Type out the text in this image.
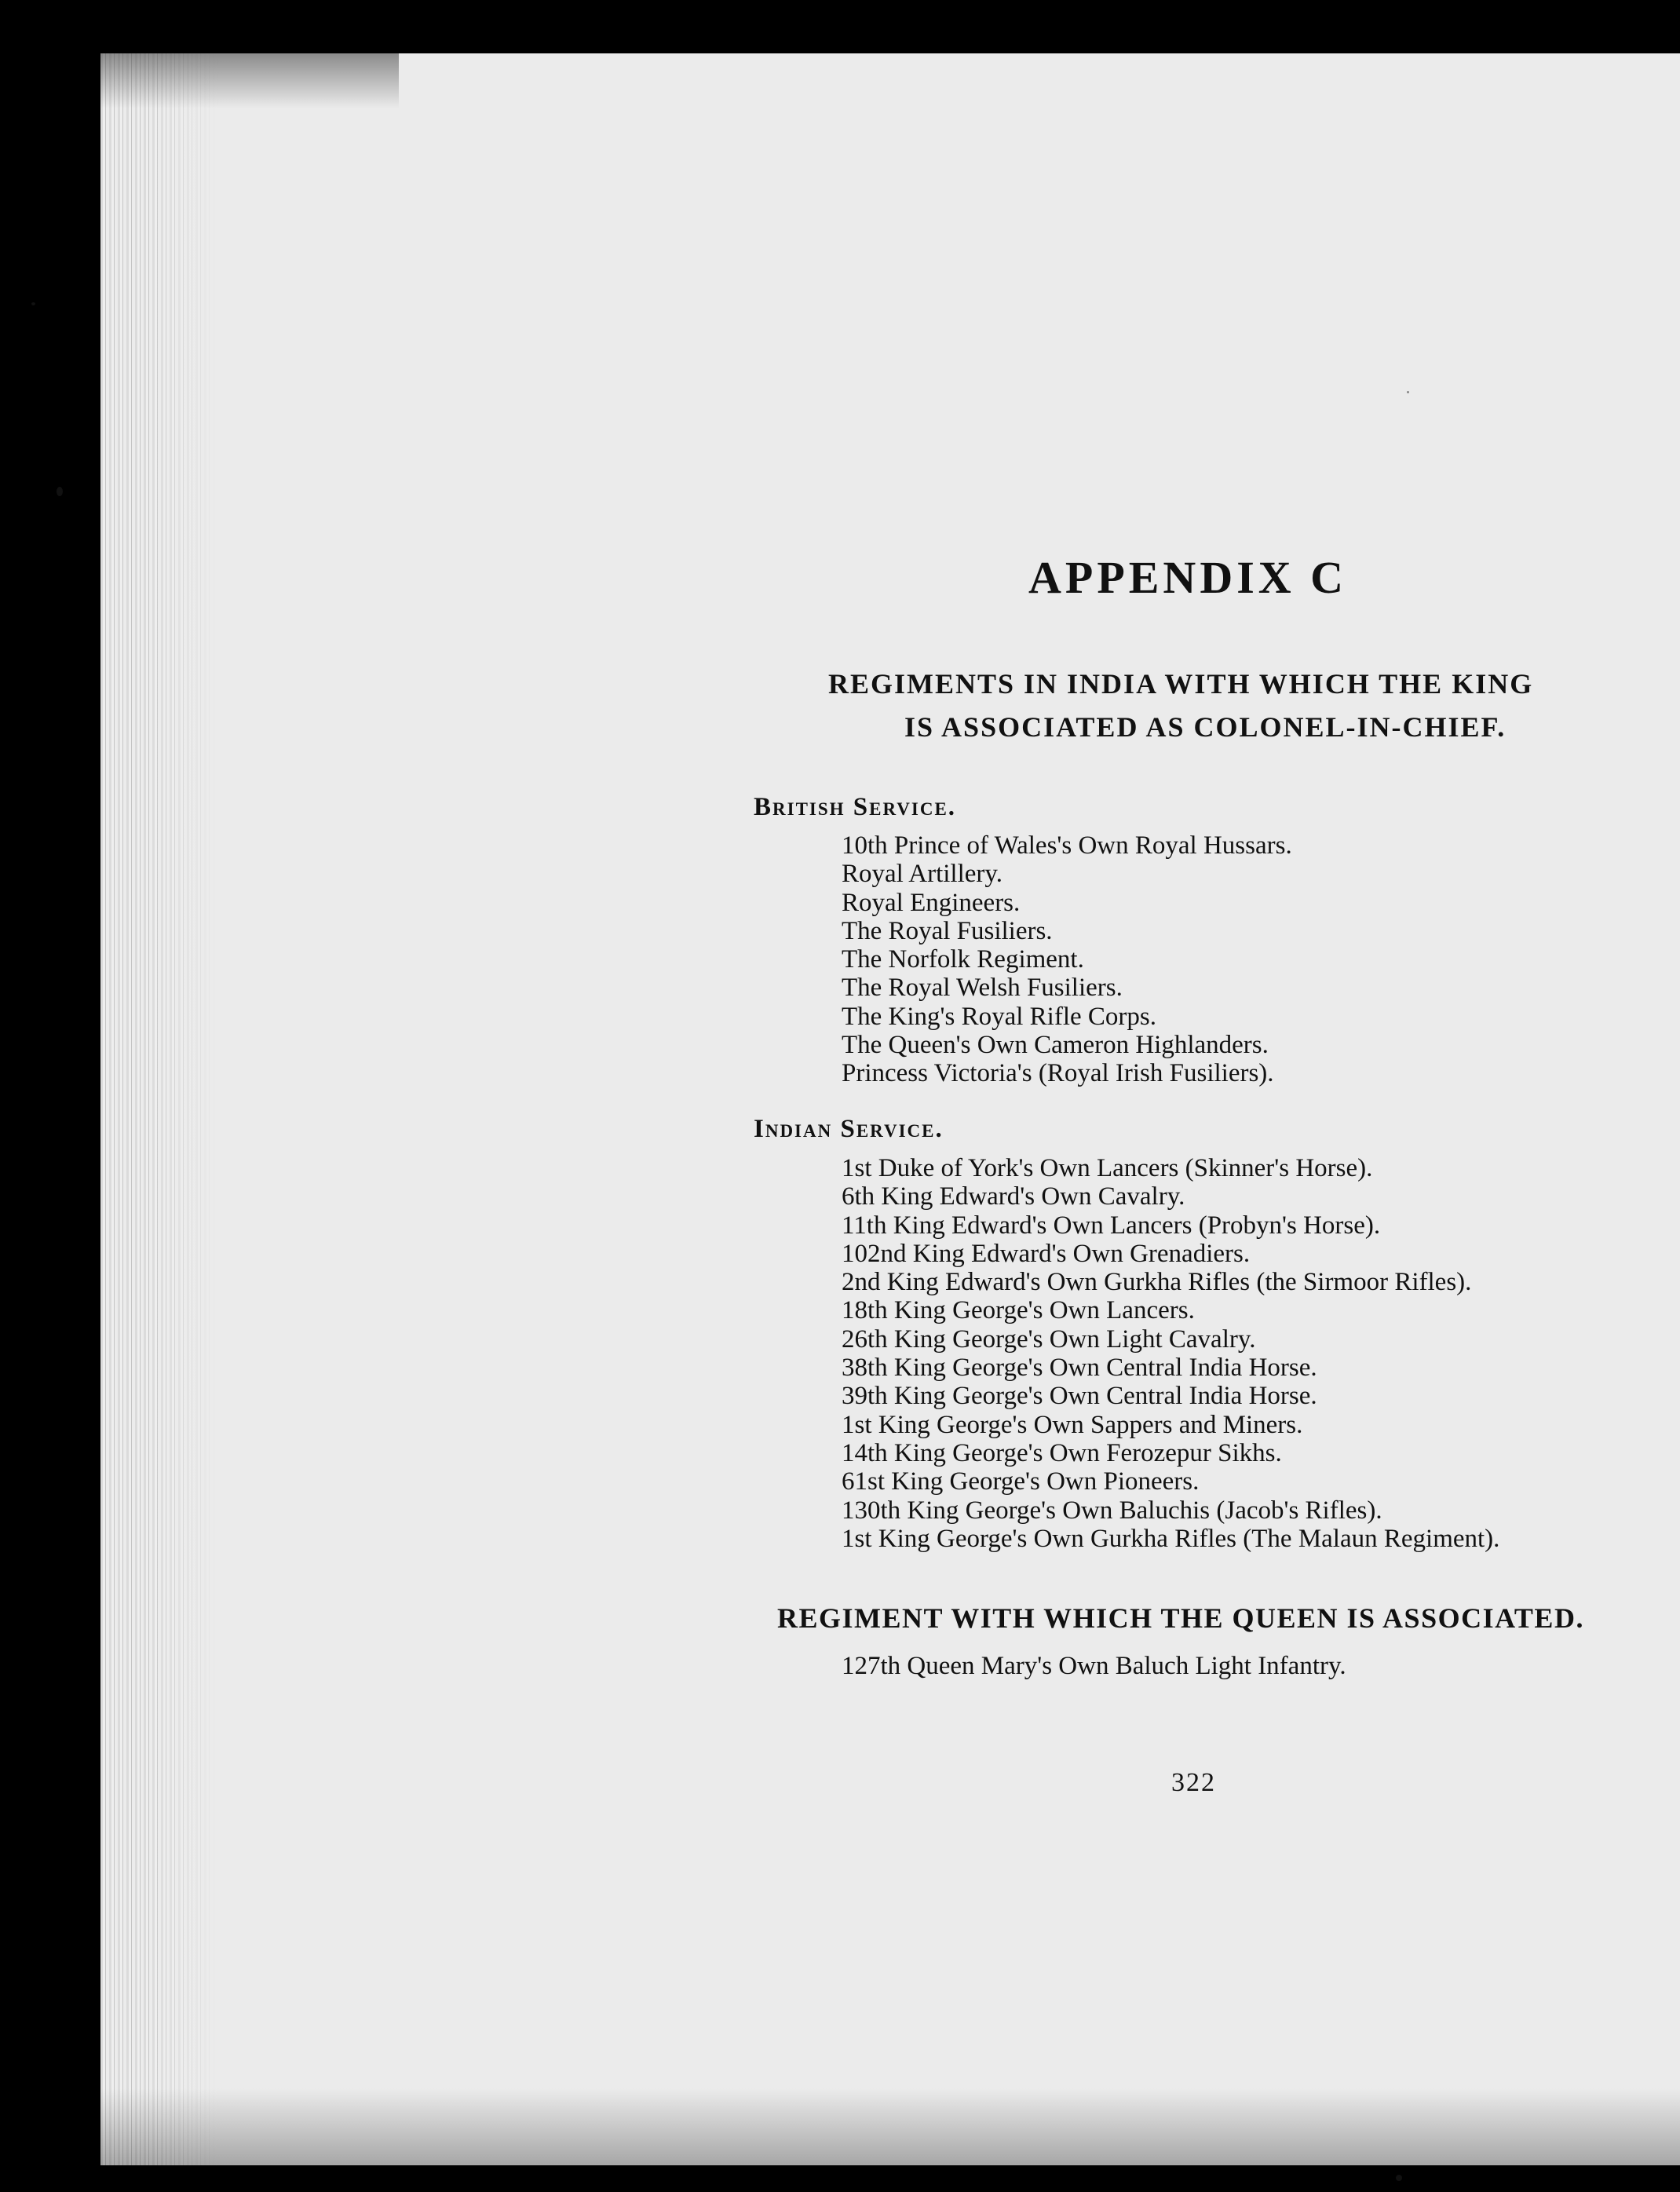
APPENDIX C

REGIMENTS IN INDIA WITH WHICH THE KING

IS ASSOCIATED AS COLONEL-IN-CHIEF.

British Service.

10th Prince of Wales's Own Royal Hussars.
Royal Artillery.
Royal Engineers.
The Royal Fusiliers.
The Norfolk Regiment.
The Royal Welsh Fusiliers.
The King's Royal Rifle Corps.
The Queen's Own Cameron Highlanders.
Princess Victoria's (Royal Irish Fusiliers).

Indian Service.

1st Duke of York's Own Lancers (Skinner's Horse).
6th King Edward's Own Cavalry.
11th King Edward's Own Lancers (Probyn's Horse).
102nd King Edward's Own Grenadiers.
2nd King Edward's Own Gurkha Rifles (the Sirmoor Rifles).
18th King George's Own Lancers.
26th King George's Own Light Cavalry.
38th King George's Own Central India Horse.
39th King George's Own Central India Horse.
1st King George's Own Sappers and Miners.
14th King George's Own Ferozepur Sikhs.
61st King George's Own Pioneers.
130th King George's Own Baluchis (Jacob's Rifles).
1st King George's Own Gurkha Rifles (The Malaun Regiment).

REGIMENT WITH WHICH THE QUEEN IS ASSOCIATED.

127th Queen Mary's Own Baluch Light Infantry.

322
